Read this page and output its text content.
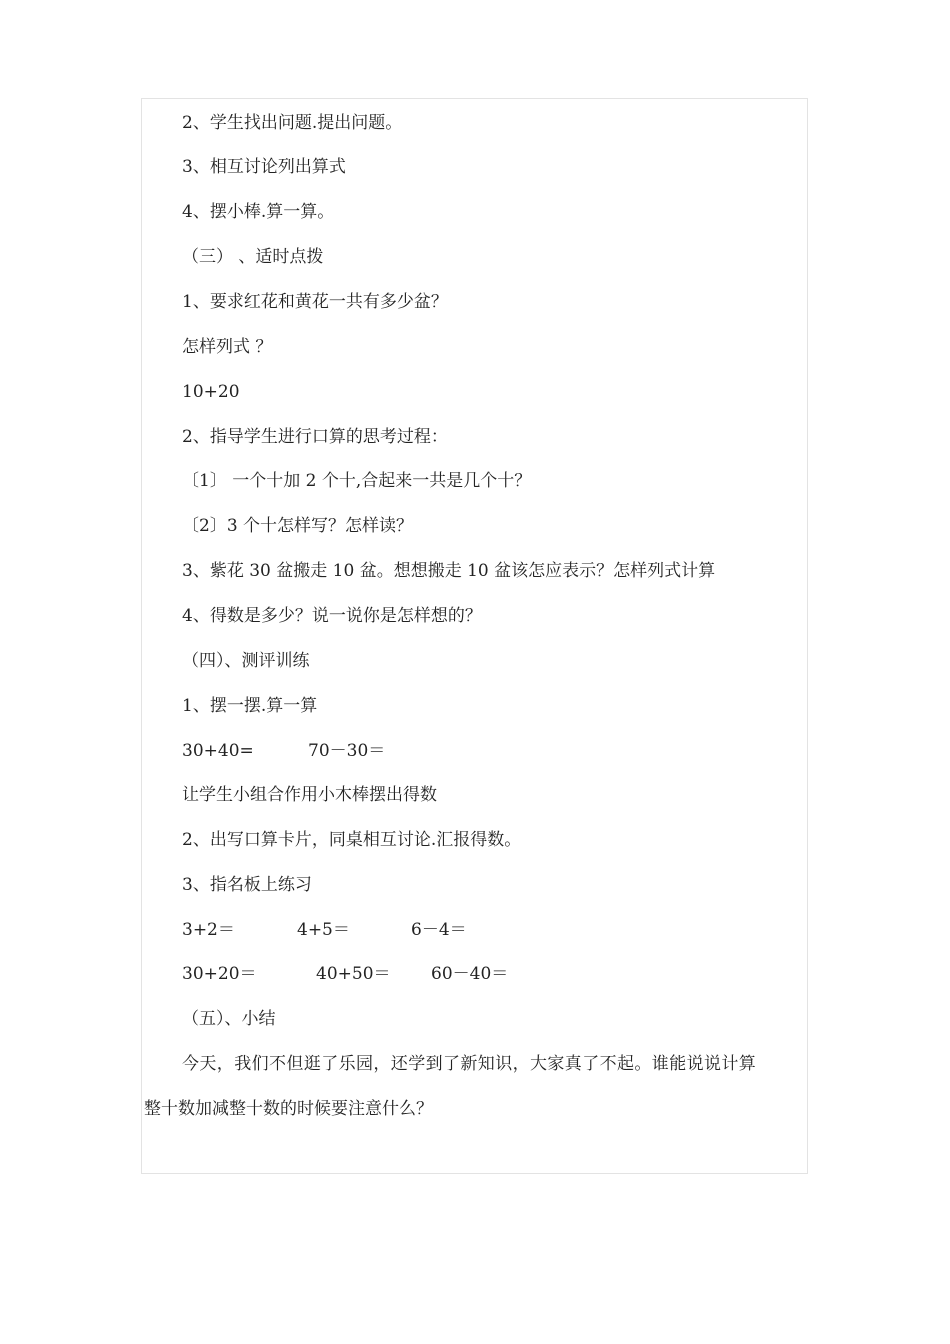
2、学生找出问题.提出问题。
3、相互讨论列出算式
4、摆小棒.算一算。
（三） 、适时点拨
1、要求红花和黄花一共有多少盆？
怎样列式 ？
10+20
2、指导学生进行口算的思考过程：
〔1〕 一个十加 2 个十,合起来一共是几个十？
〔2〕3 个十怎样写？怎样读？
3、紫花 30 盆搬走 10 盆。想想搬走 10 盆该怎应表示？怎样列式计算
4、得数是多少？说一说你是怎样想的？
（四）、测评训练
1、摆一摆.算一算
30+40=	70－30＝
让学生小组合作用小木棒摆出得数
2、出写口算卡片，同桌相互讨论.汇报得数。
3、指名板上练习
3+2＝	4+5＝	6－4＝
30+20＝	40+50＝ 60－40＝
（五）、小结
今天，我们不但逛了乐园，还学到了新知识，大家真了不起。谁能说说计算
整十数加减整十数的时候要注意什么？
